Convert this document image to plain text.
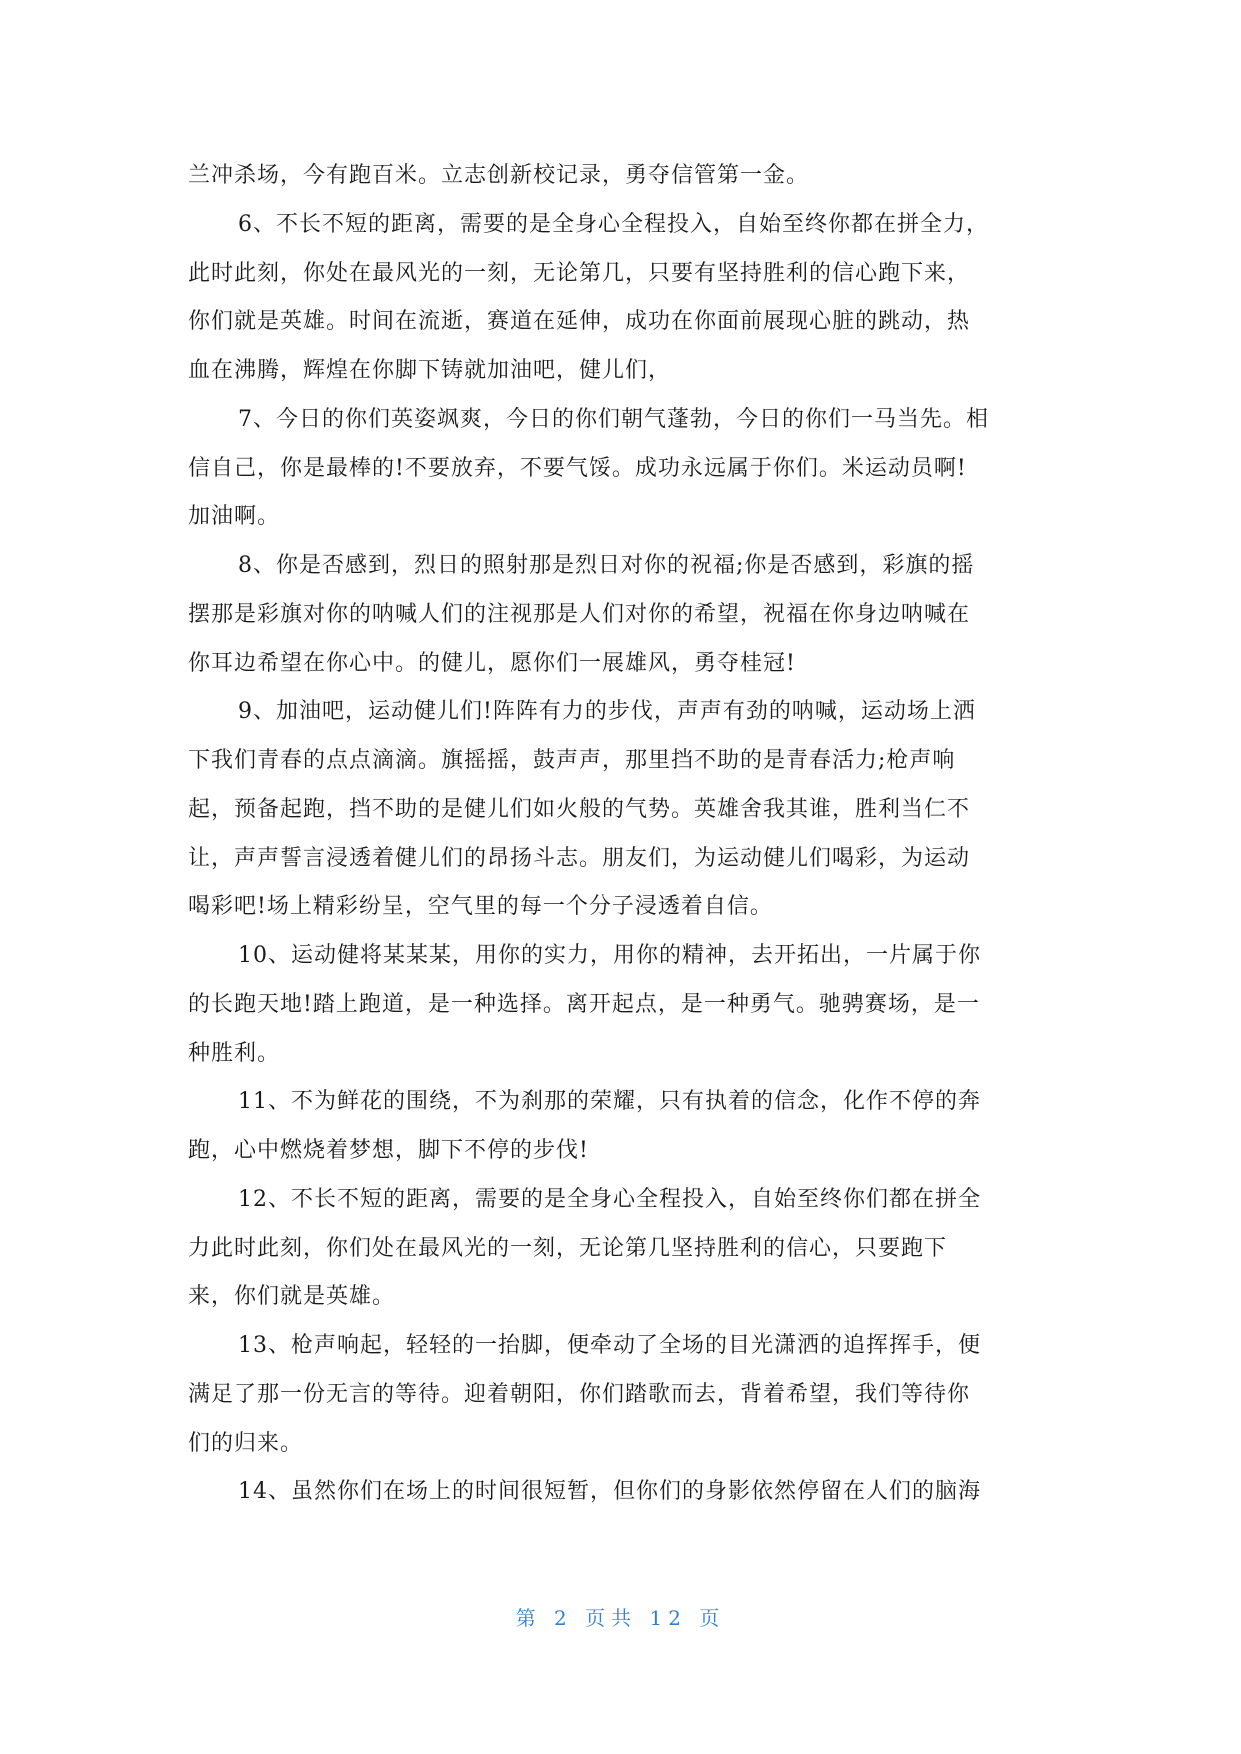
兰冲杀场，今有跑百米。立志创新校记录，勇夺信管第一金。
6、不长不短的距离，需要的是全身心全程投入，自始至终你都在拼全力，
此时此刻，你处在最风光的一刻，无论第几，只要有坚持胜利的信心跑下来，
你们就是英雄。时间在流逝，赛道在延伸，成功在你面前展现心脏的跳动，热
血在沸腾，辉煌在你脚下铸就加油吧，健儿们，
7、今日的你们英姿飒爽，今日的你们朝气蓬勃，今日的你们一马当先。相
信自己，你是最棒的!不要放弃，不要气馁。成功永远属于你们。米运动员啊!
加油啊。
8、你是否感到，烈日的照射那是烈日对你的祝福;你是否感到，彩旗的摇
摆那是彩旗对你的呐喊人们的注视那是人们对你的希望，祝福在你身边呐喊在
你耳边希望在你心中。的健儿，愿你们一展雄风，勇夺桂冠!
9、加油吧，运动健儿们!阵阵有力的步伐，声声有劲的呐喊，运动场上洒
下我们青春的点点滴滴。旗摇摇，鼓声声，那里挡不助的是青春活力;枪声响
起，预备起跑，挡不助的是健儿们如火般的气势。英雄舍我其谁，胜利当仁不
让，声声誓言浸透着健儿们的昂扬斗志。朋友们，为运动健儿们喝彩，为运动
喝彩吧!场上精彩纷呈，空气里的每一个分子浸透着自信。
10、运动健将某某某，用你的实力，用你的精神，去开拓出，一片属于你
的长跑天地!踏上跑道，是一种选择。离开起点，是一种勇气。驰骋赛场，是一
种胜利。
11、不为鲜花的围绕，不为刹那的荣耀，只有执着的信念，化作不停的奔
跑，心中燃烧着梦想，脚下不停的步伐!
12、不长不短的距离，需要的是全身心全程投入，自始至终你们都在拼全
力此时此刻，你们处在最风光的一刻，无论第几坚持胜利的信心，只要跑下
来，你们就是英雄。
13、枪声响起，轻轻的一抬脚，便牵动了全场的目光潇洒的追挥挥手，便
满足了那一份无言的等待。迎着朝阳，你们踏歌而去，背着希望，我们等待你
们的归来。
14、虽然你们在场上的时间很短暂，但你们的身影依然停留在人们的脑海
第 2 页共 12 页
